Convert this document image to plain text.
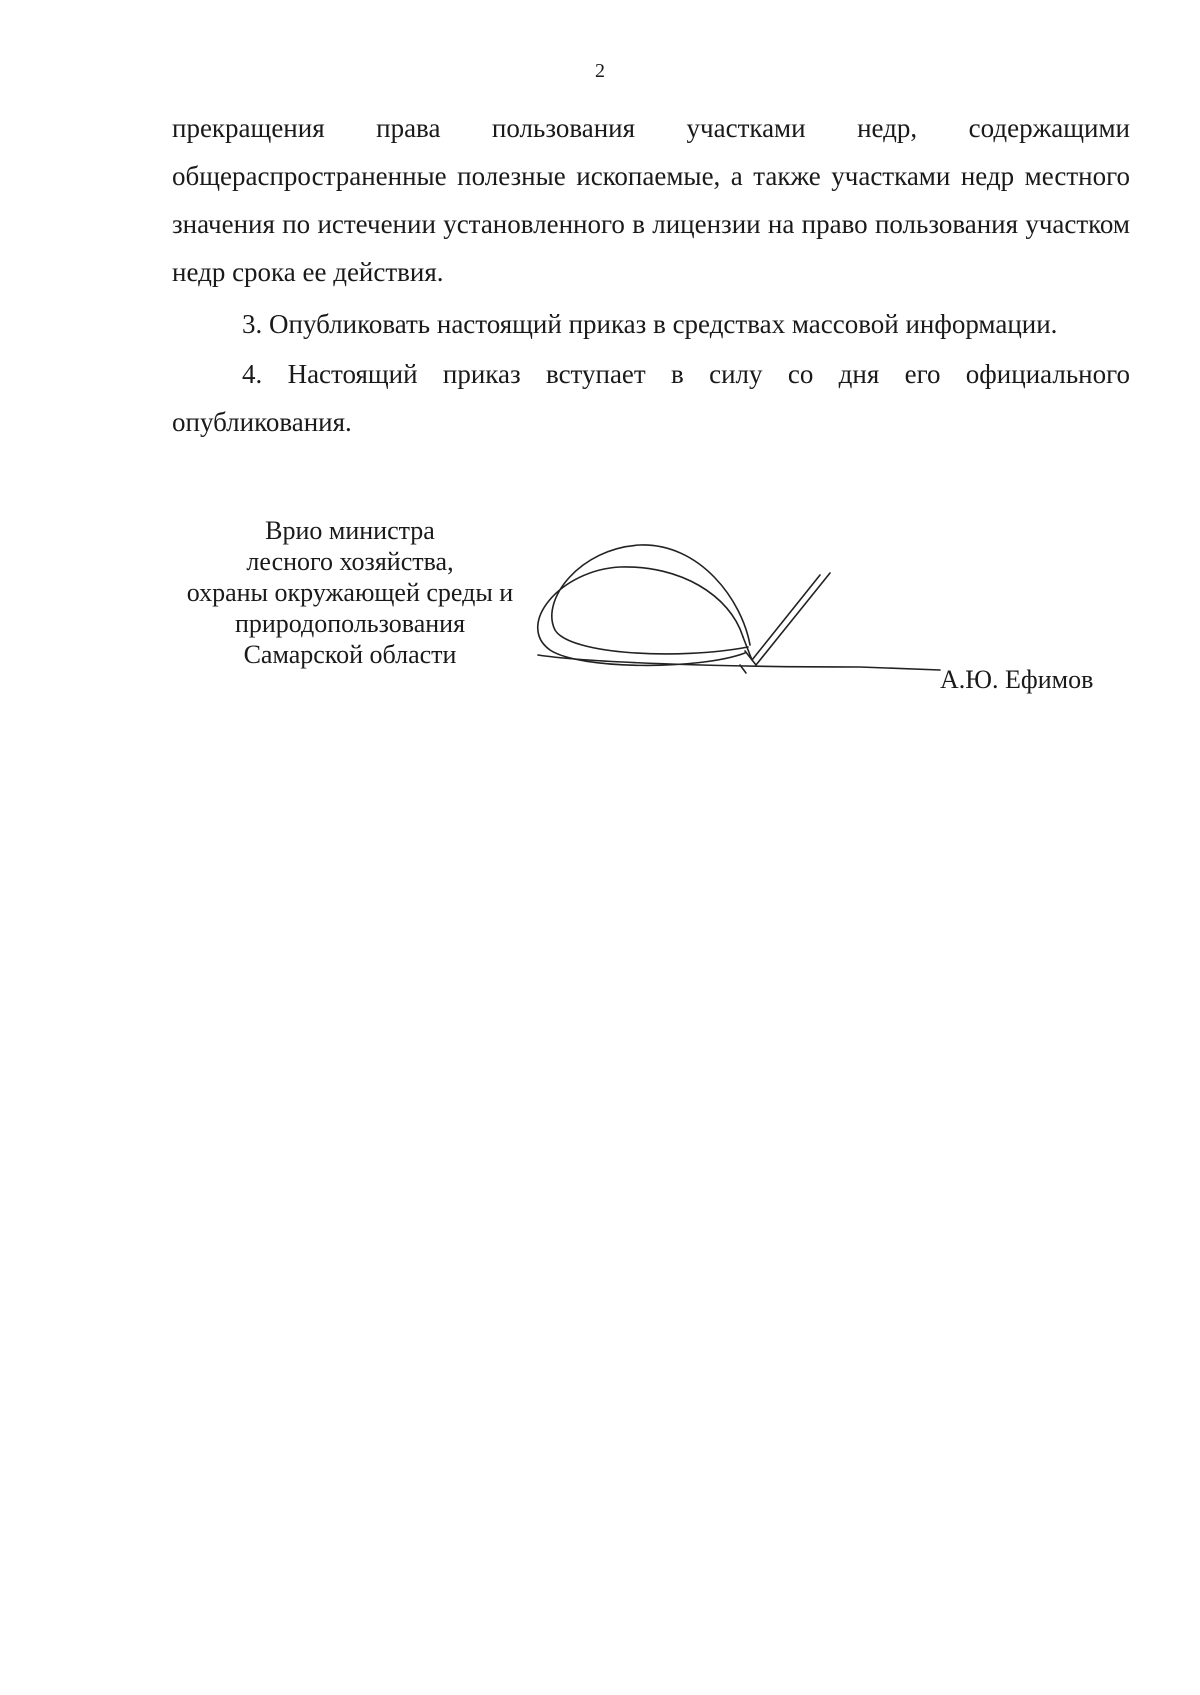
2

прекращения права пользования участками недр, содержащими общераспространенные полезные ископаемые, а также участками недр местного значения по истечении установленного в лицензии на право пользования участком недр срока ее действия.

3. Опубликовать настоящий приказ в средствах массовой информации.

4. Настоящий приказ вступает в силу со дня его официального опубликования.

Врио министра
лесного хозяйства,
охраны окружающей среды и
природопользования
Самарской области
А.Ю. Ефимов
